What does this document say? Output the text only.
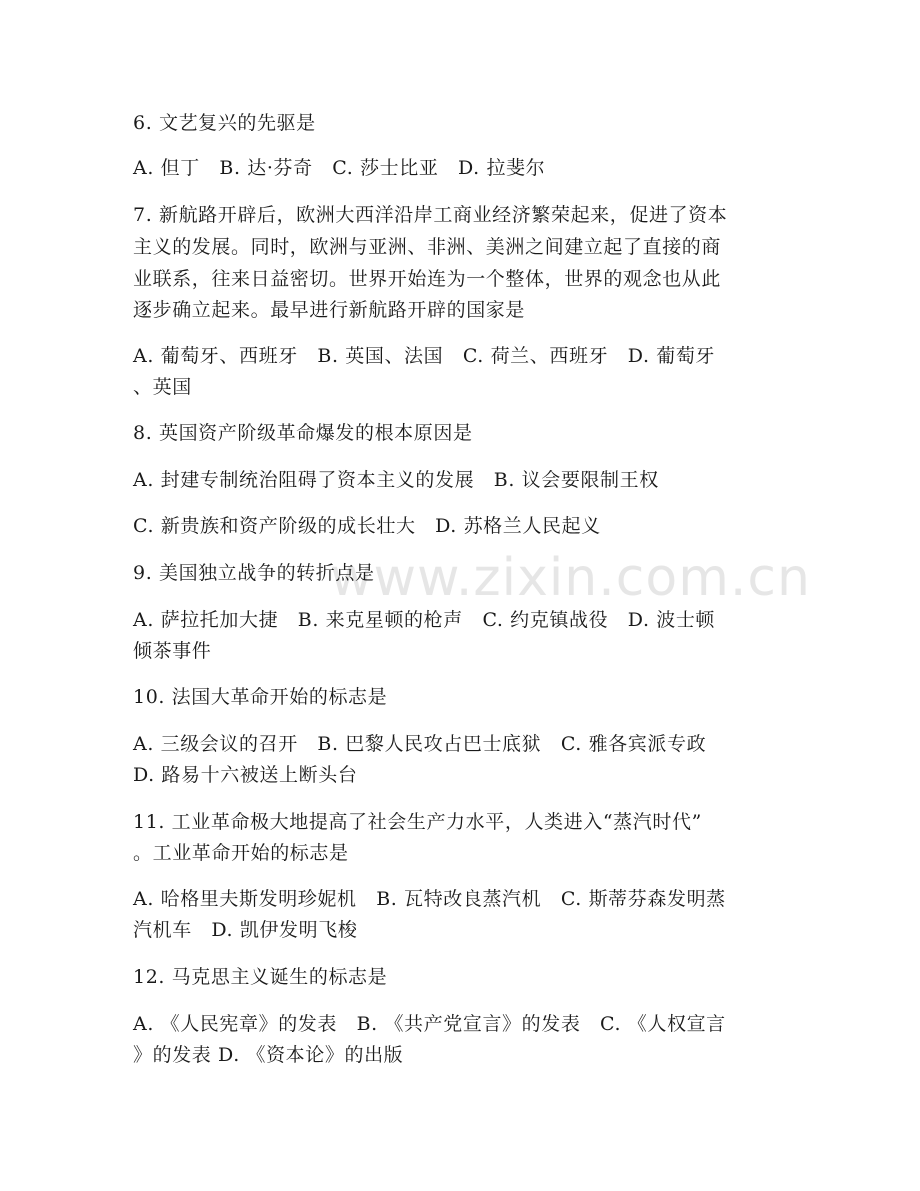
www.zixin.com.cn
6. 文艺复兴的先驱是
A. 但丁　B. 达·芬奇　C. 莎士比亚　D. 拉斐尔
7. 新航路开辟后，欧洲大西洋沿岸工商业经济繁荣起来，促进了资本
主义的发展。同时，欧洲与亚洲、非洲、美洲之间建立起了直接的商
业联系，往来日益密切。世界开始连为一个整体，世界的观念也从此
逐步确立起来。最早进行新航路开辟的国家是
A. 葡萄牙、西班牙　B. 英国、法国　C. 荷兰、西班牙　D. 葡萄牙
、英国
8. 英国资产阶级革命爆发的根本原因是
A. 封建专制统治阻碍了资本主义的发展　B. 议会要限制王权
C. 新贵族和资产阶级的成长壮大　D. 苏格兰人民起义
9. 美国独立战争的转折点是
A. 萨拉托加大捷　B. 来克星顿的枪声　C. 约克镇战役　D. 波士顿
倾茶事件
10. 法国大革命开始的标志是
A. 三级会议的召开　B. 巴黎人民攻占巴士底狱　C. 雅各宾派专政
D. 路易十六被送上断头台
11. 工业革命极大地提高了社会生产力水平，人类进入“蒸汽时代”
。工业革命开始的标志是
A. 哈格里夫斯发明珍妮机　B. 瓦特改良蒸汽机　C. 斯蒂芬森发明蒸
汽机车　D. 凯伊发明飞梭
12. 马克思主义诞生的标志是
A. 《人民宪章》的发表　B. 《共产党宣言》的发表　C. 《人权宣言
》的发表 D. 《资本论》的出版
